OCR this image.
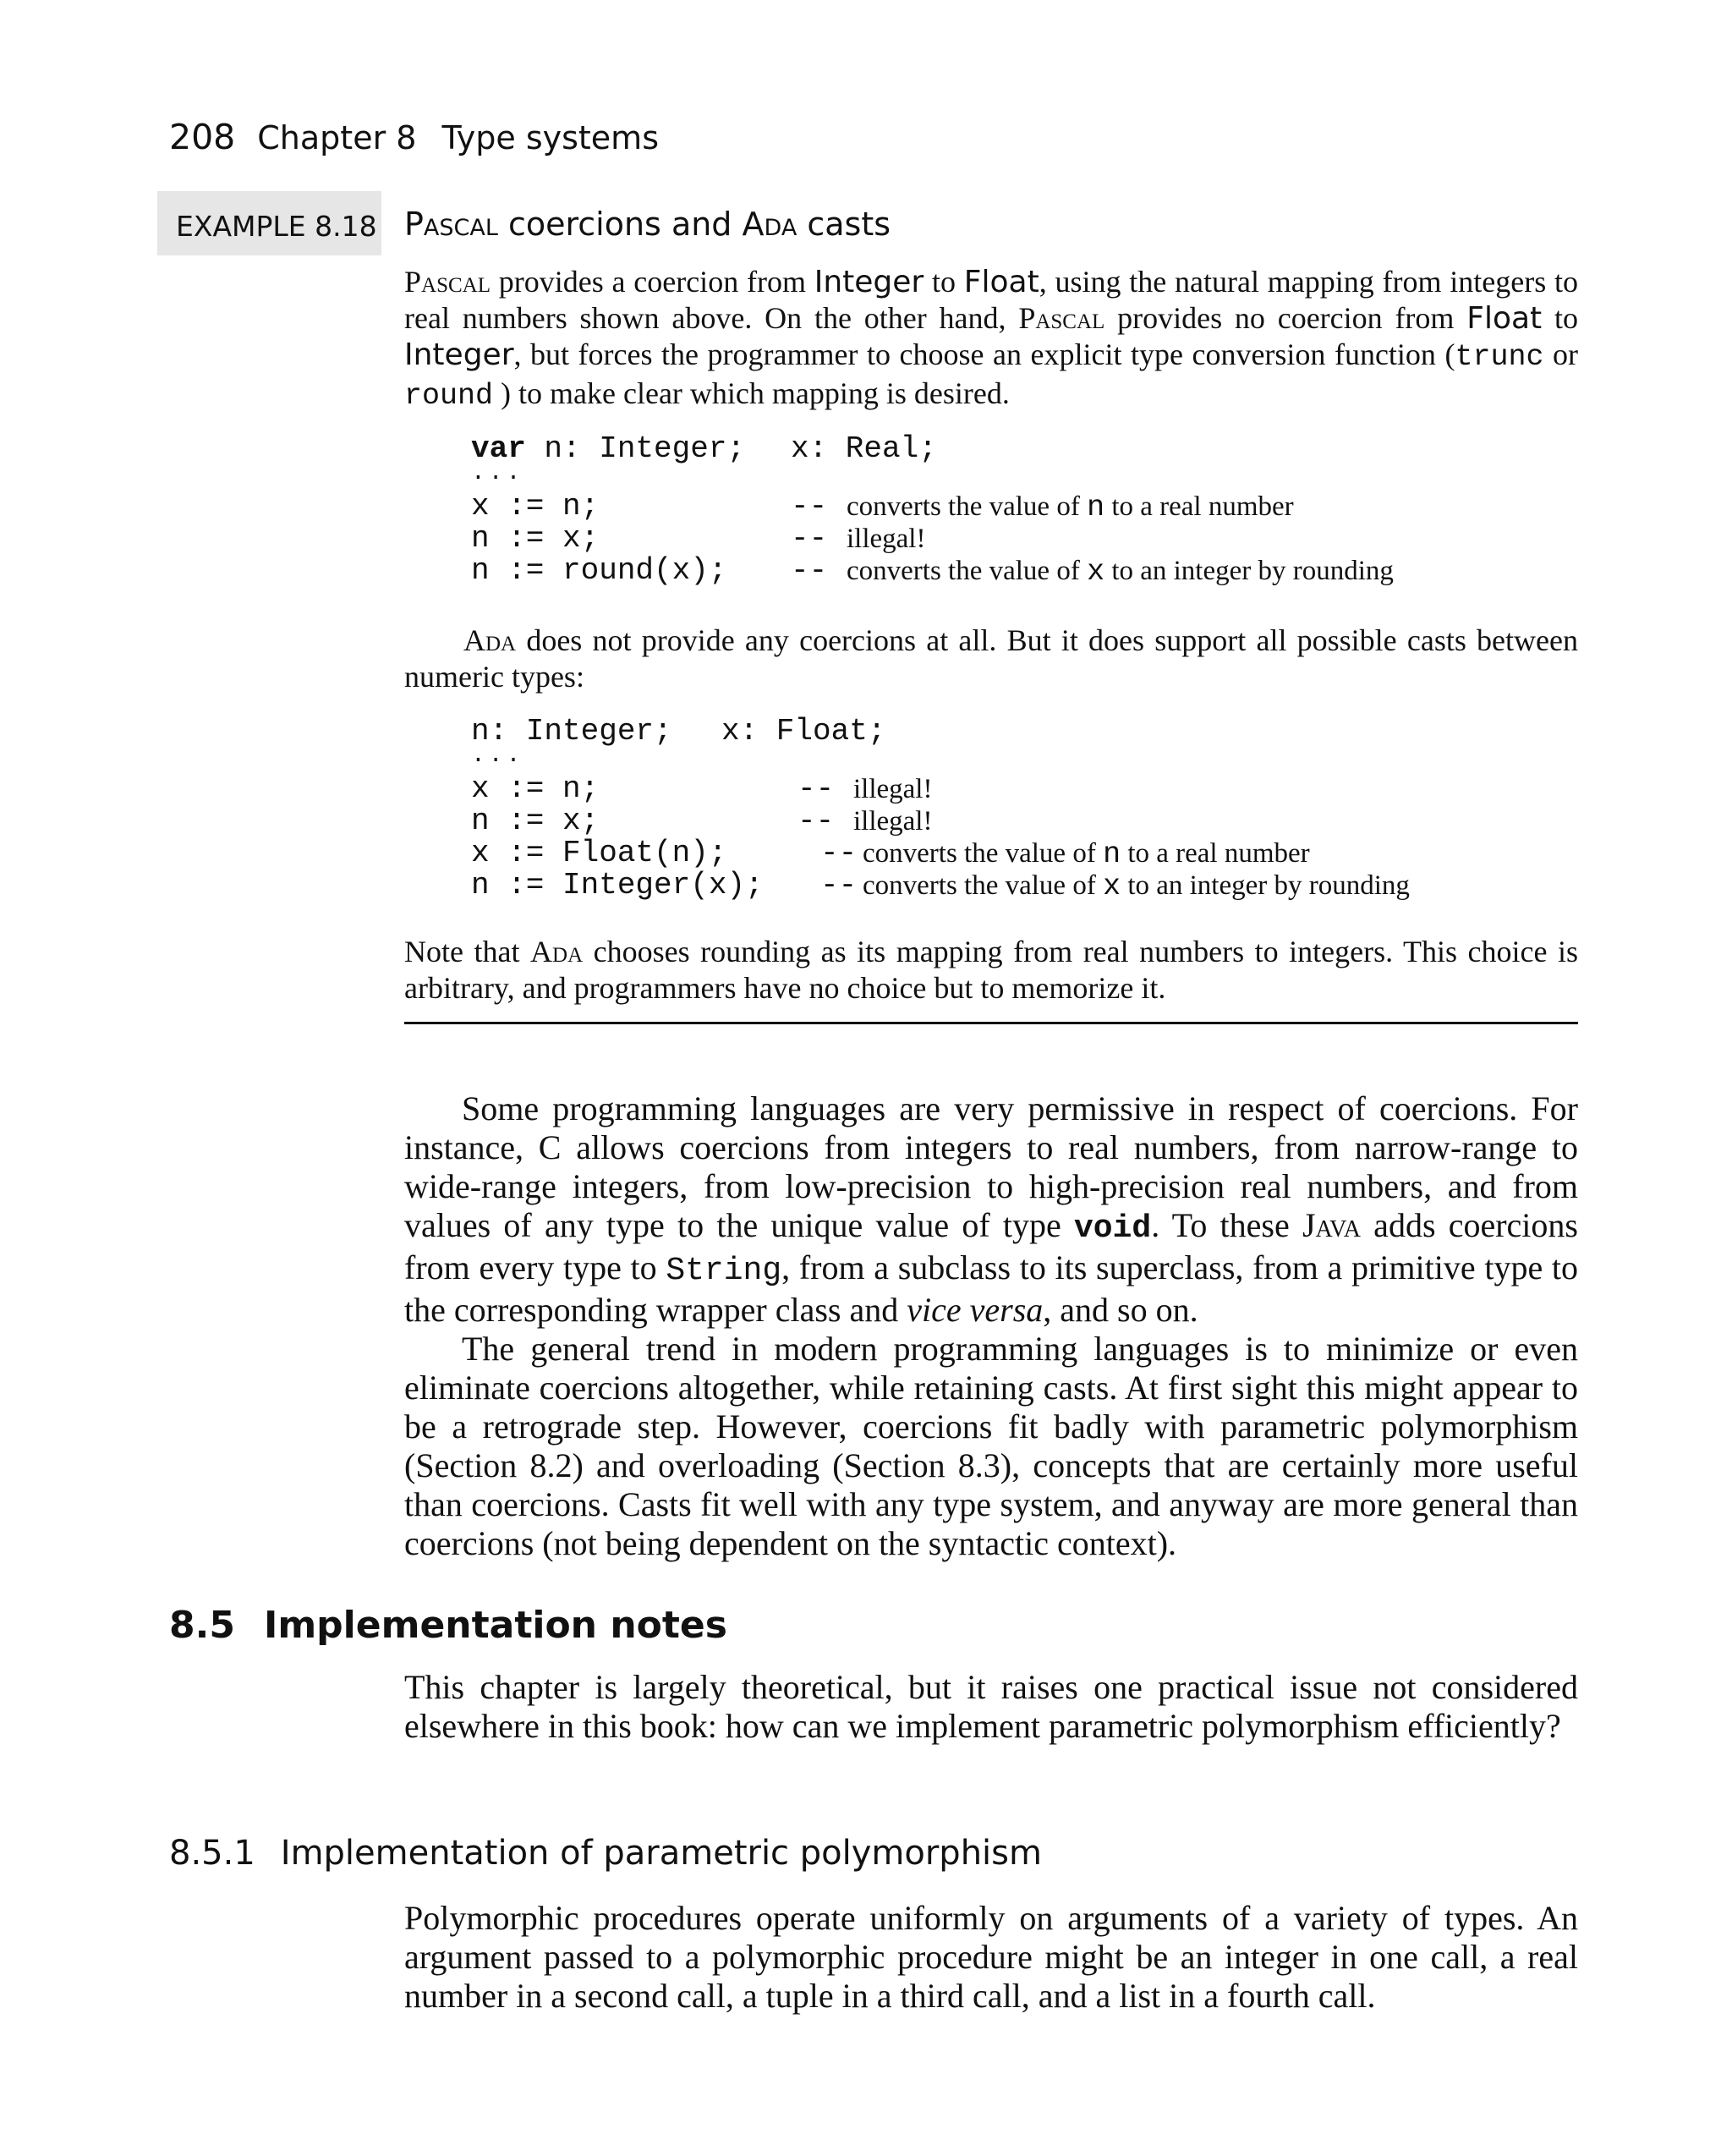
208 Chapter 8 Type systems
EXAMPLE 8.18 Pascal coercions and Ada casts

Pascal provides a coercion from Integer to Float, using the natural mapping from integers to real numbers shown above. On the other hand, Pascal provides no coercion from Float to Integer, but forces the programmer to choose an explicit type conversion function (trunc or round ) to make clear which mapping is desired.

var n: Integer; x: Real;
...
x := n;	-- converts the value of n to a real number
n := x;	-- illegal!
n := round(x); -- converts the value of x to an integer by rounding

Ada does not provide any coercions at all. But it does support all possible casts between numeric types:

n: Integer; x: Float;
...
x := n;	-- illegal!
n := x;	-- illegal!
x := Float(n);	-- converts the value of n to a real number
n := Integer(x); -- converts the value of x to an integer by rounding

Note that Ada chooses rounding as its mapping from real numbers to integers. This choice is arbitrary, and programmers have no choice but to memorize it.

Some programming languages are very permissive in respect of coercions. For instance, C allows coercions from integers to real numbers, from narrow-range to wide-range integers, from low-precision to high-precision real numbers, and from values of any type to the unique value of type void. To these Java adds coercions from every type to String, from a subclass to its superclass, from a primitive type to the corresponding wrapper class and vice versa, and so on.

The general trend in modern programming languages is to minimize or even eliminate coercions altogether, while retaining casts. At first sight this might appear to be a retrograde step. However, coercions fit badly with parametric polymorphism (Section 8.2) and overloading (Section 8.3), concepts that are certainly more useful than coercions. Casts fit well with any type system, and anyway are more general than coercions (not being dependent on the syntactic context).

8.5 Implementation notes

This chapter is largely theoretical, but it raises one practical issue not considered elsewhere in this book: how can we implement parametric polymorphism efficiently?

8.5.1 Implementation of parametric polymorphism

Polymorphic procedures operate uniformly on arguments of a variety of types. An argument passed to a polymorphic procedure might be an integer in one call, a real number in a second call, a tuple in a third call, and a list in a fourth call.
